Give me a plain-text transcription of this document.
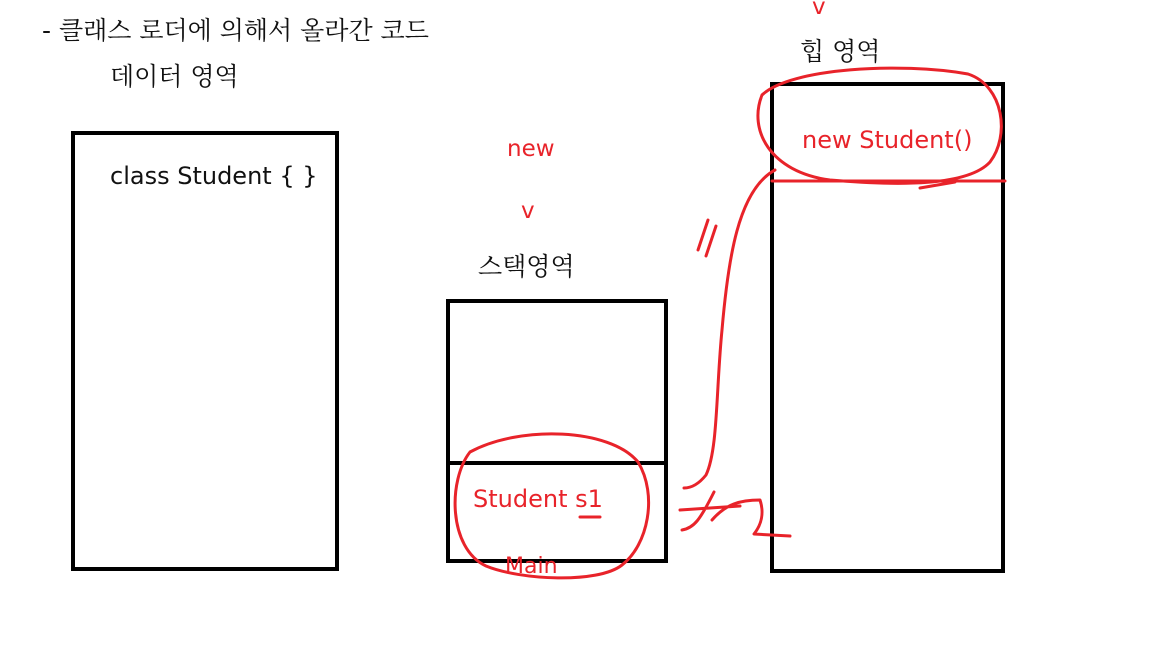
- 클래스 로더에 의해서 올라간 코드
데이터 영역
class Student { }
new
v
스택영역
Student s1
Main
v
힙 영역
new Student()
